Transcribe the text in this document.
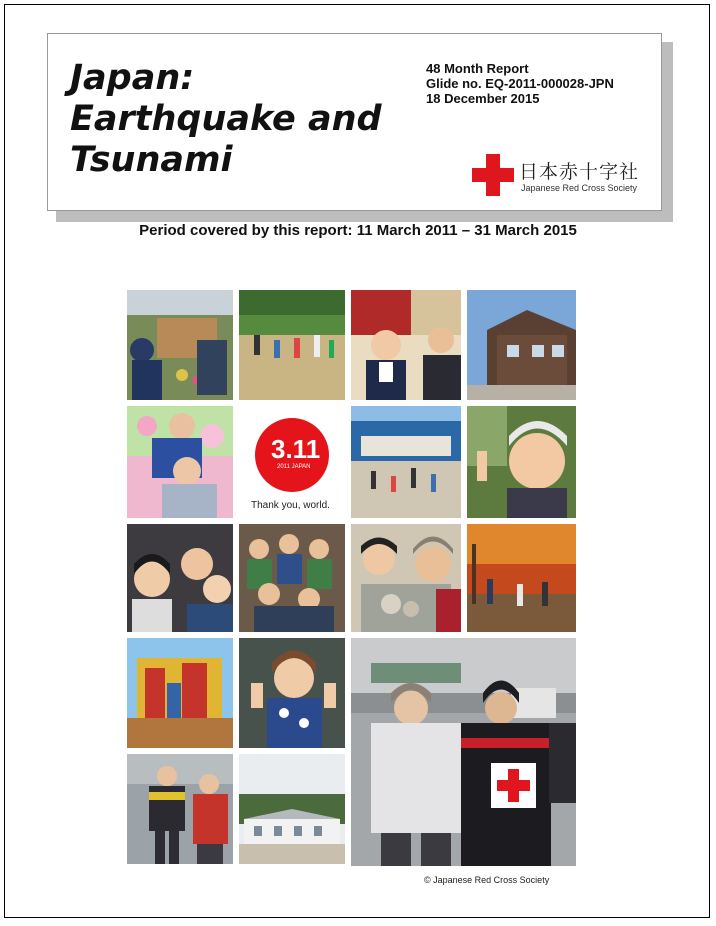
Japan:
Earthquake and
Tsunami
48 Month Report
Glide no. EQ-2011-000028-JPN
18 December 2015
日本赤十字社
Japanese Red Cross Society
Period covered by this report: 11 March 2011 – 31 March 2015
3.11
2011 JAPAN
Thank you, world.
© Japanese Red Cross Society
